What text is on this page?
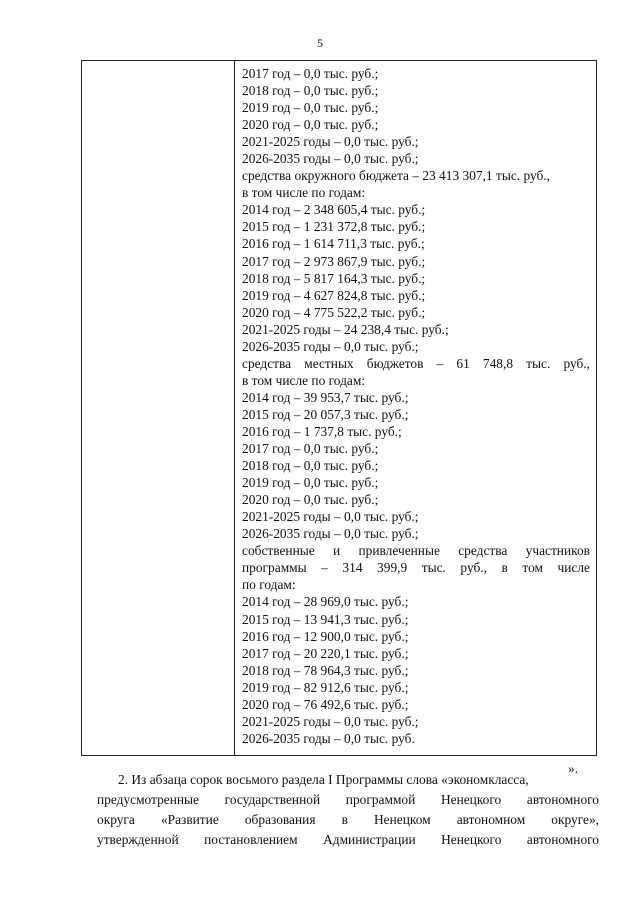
5
2017 год – 0,0 тыс. руб.;
2018 год – 0,0 тыс. руб.;
2019 год – 0,0 тыс. руб.;
2020 год – 0,0 тыс. руб.;
2021-2025 годы – 0,0 тыс. руб.;
2026-2035 годы – 0,0 тыс. руб.;
средства окружного бюджета – 23 413 307,1 тыс. руб.,
в том числе по годам:
2014 год – 2 348 605,4 тыс. руб.;
2015 год – 1 231 372,8 тыс. руб.;
2016 год – 1 614 711,3 тыс. руб.;
2017 год – 2 973 867,9 тыс. руб.;
2018 год – 5 817 164,3 тыс. руб.;
2019 год – 4 627 824,8 тыс. руб.;
2020 год – 4 775 522,2 тыс. руб.;
2021-2025 годы – 24 238,4 тыс. руб.;
2026-2035 годы – 0,0 тыс. руб.;
средства местных бюджетов – 61 748,8 тыс. руб.,
в том числе по годам:
2014 год – 39 953,7 тыс. руб.;
2015 год – 20 057,3 тыс. руб.;
2016 год – 1 737,8 тыс. руб.;
2017 год – 0,0 тыс. руб.;
2018 год – 0,0 тыс. руб.;
2019 год – 0,0 тыс. руб.;
2020 год – 0,0 тыс. руб.;
2021-2025 годы – 0,0 тыс. руб.;
2026-2035 годы – 0,0 тыс. руб.;
собственные и привлеченные средства участников
программы – 314 399,9 тыс. руб., в том числе
по годам:
2014 год – 28 969,0 тыс. руб.;
2015 год – 13 941,3 тыс. руб.;
2016 год – 12 900,0 тыс. руб.;
2017 год – 20 220,1 тыс. руб.;
2018 год – 78 964,3 тыс. руб.;
2019 год – 82 912,6 тыс. руб.;
2020 год – 76 492,6 тыс. руб.;
2021-2025 годы – 0,0 тыс. руб.;
2026-2035 годы – 0,0 тыс. руб.
».
2. Из абзаца сорок восьмого раздела I Программы слова «экономкласса,
предусмотренные государственной программой Ненецкого автономного
округа «Развитие образования в Ненецком автономном округе»,
утвержденной постановлением Администрации Ненецкого автономного
